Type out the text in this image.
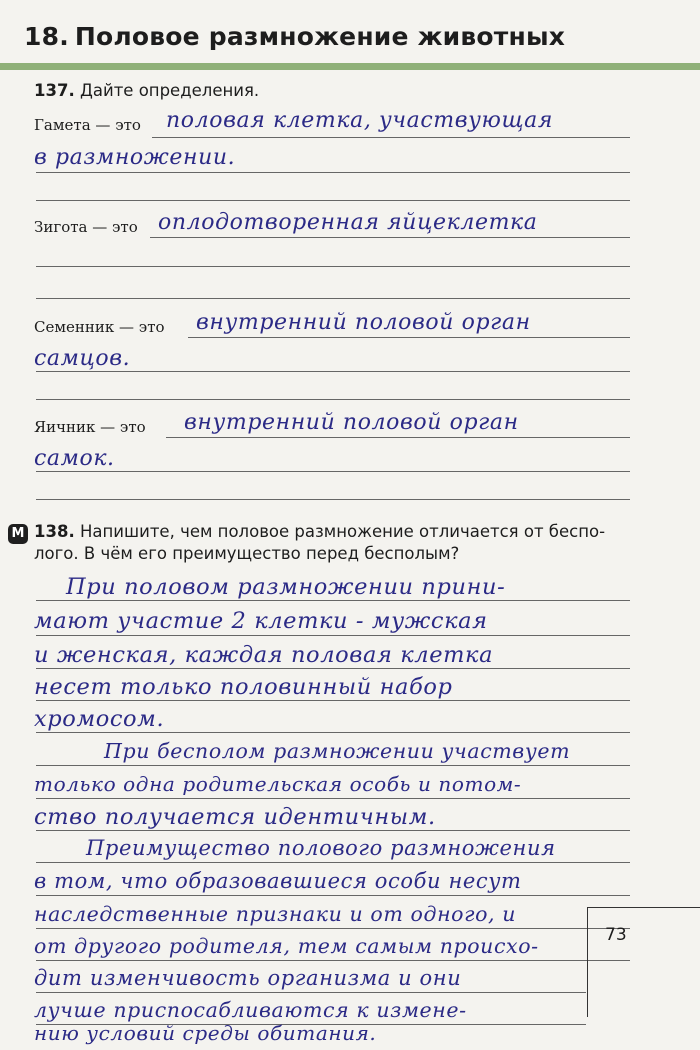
18. Половое размножение животных
137. Дайте определения.
Гамета — это половая клетка, участвующая
в размножении.
Зигота — это оплодотворенная яйцеклетка
Семенник — это внутренний половой орган
самцов.
Яичник — это внутренний половой орган
самок.
М 138. Напишите, чем половое размножение отличается от беспо-
лого. В чём его преимущество перед бесполым?
При половом размножении прини-
мают участие 2 клетки - мужская
и женская, каждая половая клетка
несет только половинный набор
хромосом.
При бесполом размножении участвует
только одна родительская особь и потом-
ство получается идентичным.
Преимущество полового размножения
в том, что образовавшиеся особи несут
наследственные признаки и от одного, и
от другого родителя, тем самым происхо-
дит изменчивость организма и они
лучше приспосабливаются к измене-
нию условий среды обитания.
73
